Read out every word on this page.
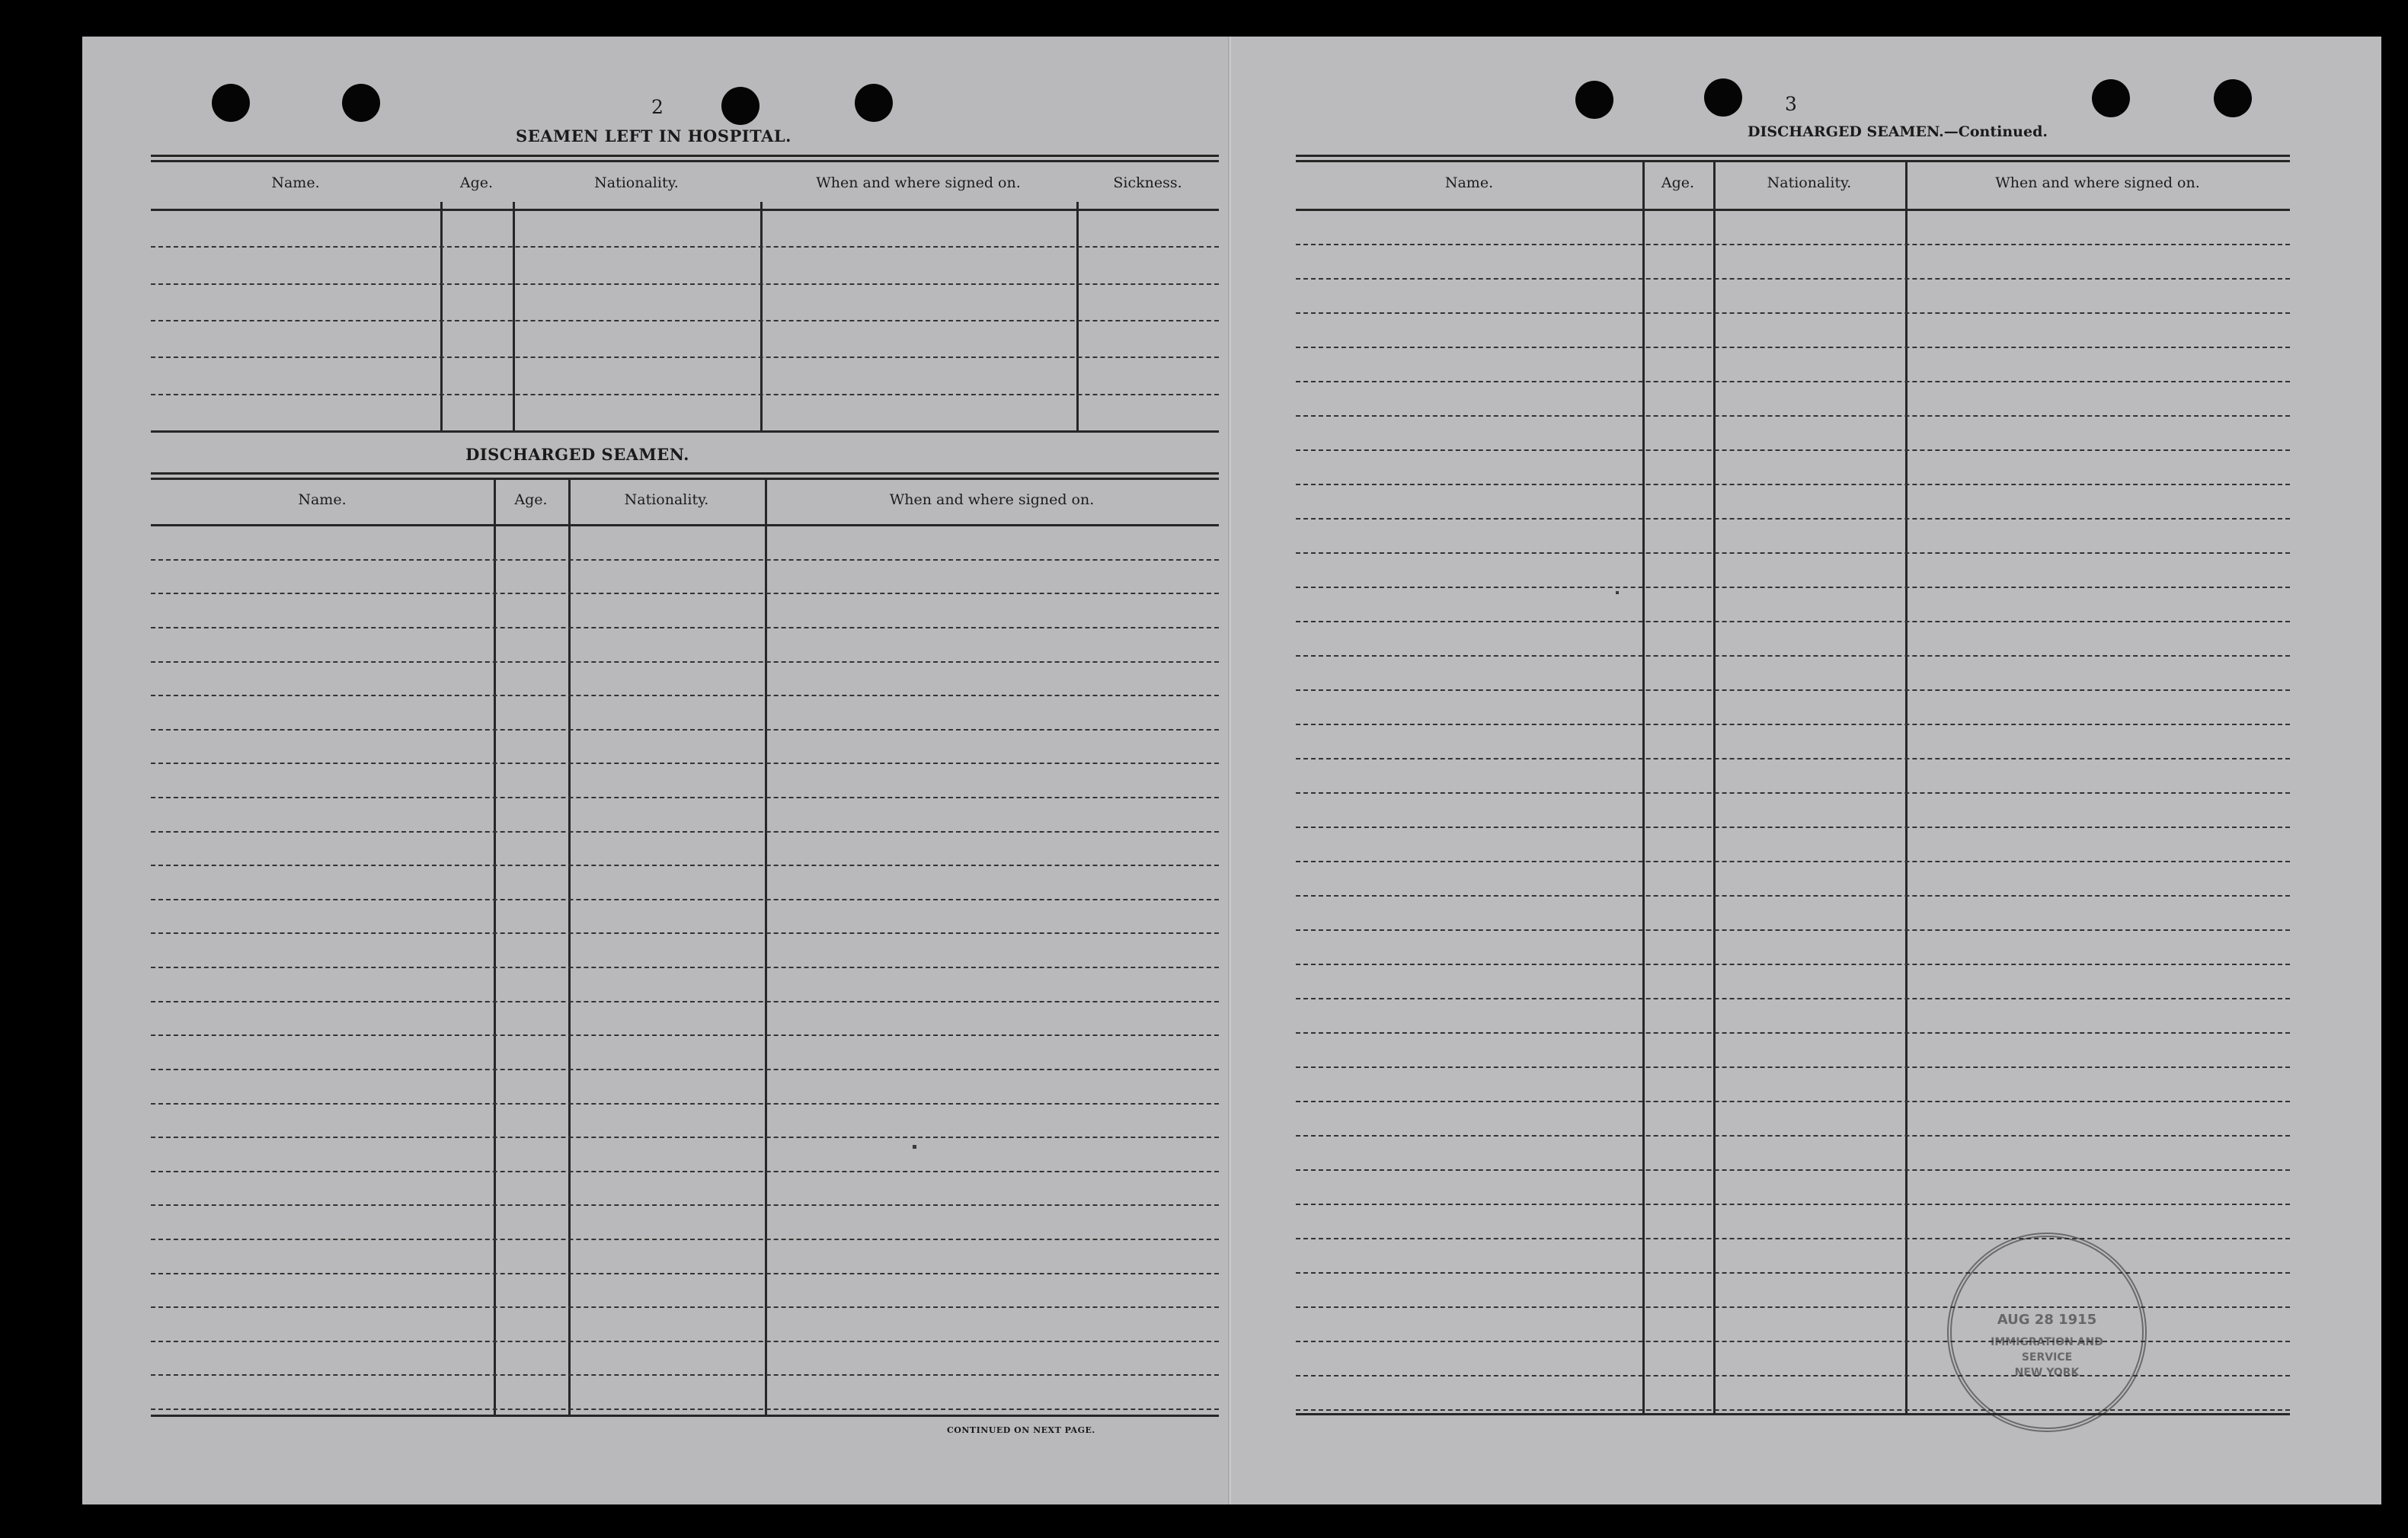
2
SEAMEN LEFT IN HOSPITAL.
Name.	Age.	Nationality.	When and where signed on.	Sickness.
DISCHARGED SEAMEN.
Name.	Age.	Nationality.	When and where signed on.
CONTINUED ON NEXT PAGE.
3
DISCHARGED SEAMEN.—Continued.
Name.	Age.	Nationality.	When and where signed on.
AUG 28 1915
IMMIGRATION AND
SERVICE
NEW YORK
